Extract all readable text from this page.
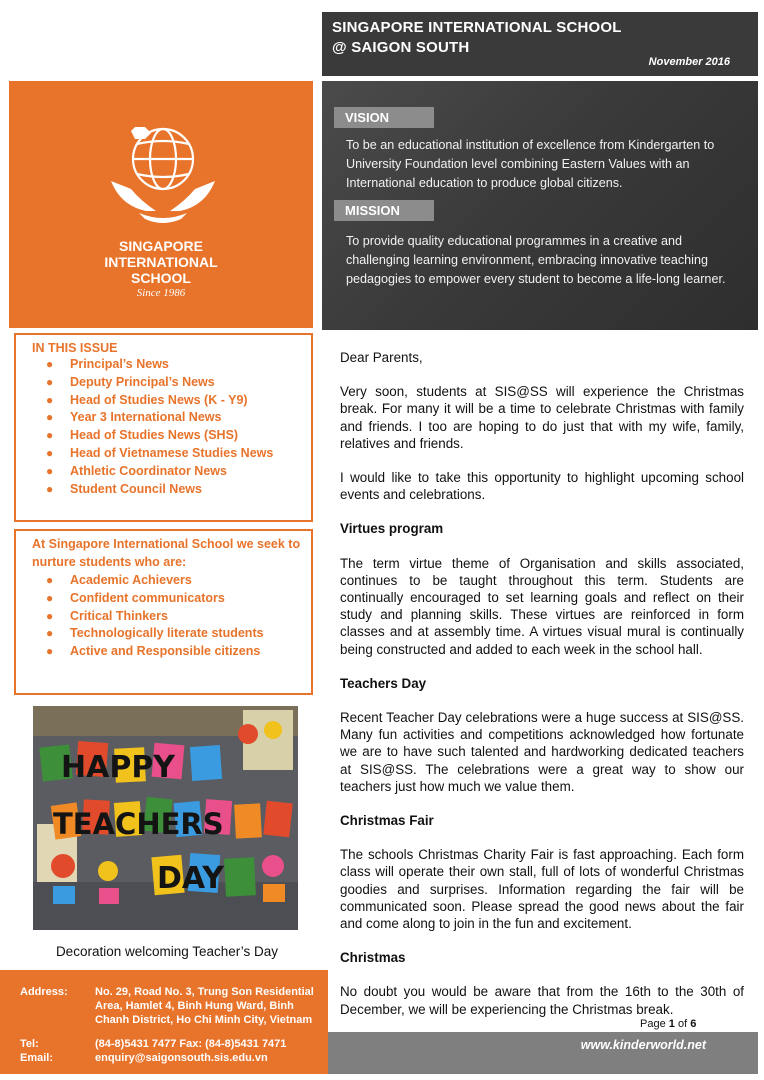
SINGAPORE INTERNATIONAL SCHOOL
@ SAIGON SOUTH
November 2016
SINGAPORE
INTERNATIONAL
SCHOOL
Since 1986
VISION
To be an educational institution of excellence from Kindergarten to University Foundation level combining Eastern Values with an International education to produce global citizens.
MISSION
To provide quality educational programmes in a creative and challenging learning environment, embracing innovative teaching pedagogies to empower every student to become a life-long learner.
IN THIS ISSUE
● Principal’s News
● Deputy Principal’s News
● Head of Studies News (K - Y9)
● Year 3 International News
● Head of Studies News (SHS)
● Head of Vietnamese Studies News
● Athletic Coordinator News
● Student Council News
At Singapore International School we seek to nurture students who are:
● Academic Achievers
● Confident communicators
● Critical Thinkers
● Technologically literate students
● Active and Responsible citizens
HAPPY
TEACHERS
DAY
Decoration welcoming Teacher’s Day

Dear Parents,

Very soon, students at SIS@SS will experience the Christmas break. For many it will be a time to celebrate Christmas with family and friends. I too are hoping to do just that with my wife, family, relatives and friends.

I would like to take this opportunity to highlight upcoming school events and celebrations.

Virtues program

The term virtue theme of Organisation and skills associated, continues to be taught throughout this term. Students are continually encouraged to set learning goals and reflect on their study and planning skills. These virtues are reinforced in form classes and at assembly time. A virtues visual mural is continually being constructed and added to each week in the school hall.

Teachers Day

Recent Teacher Day celebrations were a huge success at SIS@SS. Many fun activities and competitions acknowledged how fortunate we are to have such talented and hardworking dedicated teachers at SIS@SS. The celebrations were a great way to show our teachers just how much we value them.

Christmas Fair

The schools Christmas Charity Fair is fast approaching. Each form class will operate their own stall, full of lots of wonderful Christmas goodies and surprises. Information regarding the fair will be communicated soon. Please spread the good news about the fair and come along to join in the fun and excitement.

Christmas

No doubt you would be aware that from the 16th to the 30th of December, we will be experiencing the Christmas break.

Address: No. 29, Road No. 3, Trung Son Residential Area, Hamlet 4, Binh Hung Ward, Binh Chanh District, Ho Chi Minh City, Vietnam
Tel:	(84-8)5431 7477 Fax: (84-8)5431 7471
Email:	enquiry@saigonsouth.sis.edu.vn
Page 1 of 6
www.kinderworld.net
